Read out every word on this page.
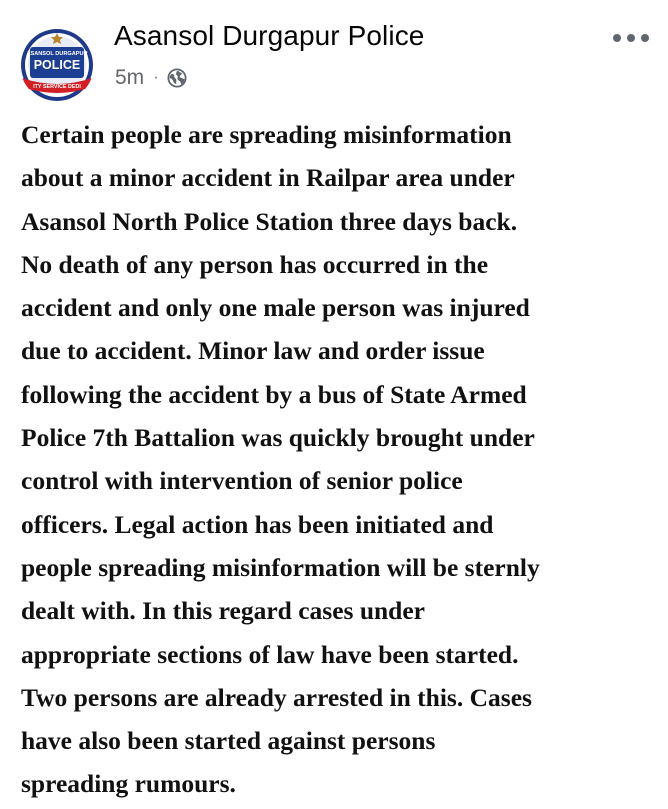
ASANSOL DURGAPUR
POLICE
ITY SERVICE DEDI
Asansol Durgapur Police
5m ·
Certain people are spreading misinformation
about a minor accident in Railpar area under
Asansol North Police Station three days back.
No death of any person has occurred in the
accident and only one male person was injured
due to accident. Minor law and order issue
following the accident by a bus of State Armed
Police 7th Battalion was quickly brought under
control with intervention of senior police
officers. Legal action has been initiated and
people spreading misinformation will be sternly
dealt with. In this regard cases under
appropriate sections of law have been started.
Two persons are already arrested in this. Cases
have also been started against persons
spreading rumours.
